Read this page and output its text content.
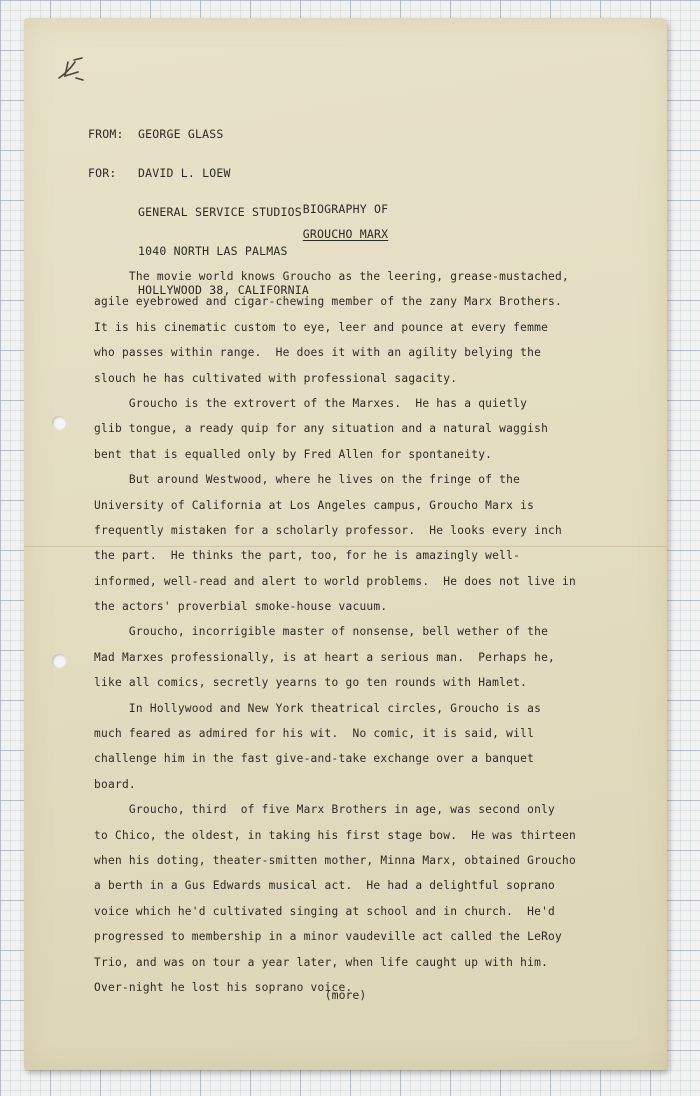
FROM:	GEORGE GLASS

FOR:	DAVID L. LOEW

GENERAL SERVICE STUDIOS

1040 NORTH LAS PALMAS

HOLLYWOOD 38, CALIFORNIA

BIOGRAPHY OF
GROUCHO MARX
The movie world knows Groucho as the leering, grease-mustached,
agile eyebrowed and cigar-chewing member of the zany Marx Brothers.
It is his cinematic custom to eye, leer and pounce at every femme
who passes within range.  He does it with an agility belying the
slouch he has cultivated with professional sagacity.
Groucho is the extrovert of the Marxes.  He has a quietly
glib tongue, a ready quip for any situation and a natural waggish
bent that is equalled only by Fred Allen for spontaneity.
But around Westwood, where he lives on the fringe of the
University of California at Los Angeles campus, Groucho Marx is
frequently mistaken for a scholarly professor.  He looks every inch
the part.  He thinks the part, too, for he is amazingly well-
informed, well-read and alert to world problems.  He does not live in
the actors' proverbial smoke-house vacuum.
Groucho, incorrigible master of nonsense, bell wether of the
Mad Marxes professionally, is at heart a serious man.  Perhaps he,
like all comics, secretly yearns to go ten rounds with Hamlet.
In Hollywood and New York theatrical circles, Groucho is as
much feared as admired for his wit.  No comic, it is said, will
challenge him in the fast give-and-take exchange over a banquet
board.
Groucho, third  of five Marx Brothers in age, was second only
to Chico, the oldest, in taking his first stage bow.  He was thirteen
when his doting, theater-smitten mother, Minna Marx, obtained Groucho
a berth in a Gus Edwards musical act.  He had a delightful soprano
voice which he'd cultivated singing at school and in church.  He'd
progressed to membership in a minor vaudeville act called the LeRoy
Trio, and was on tour a year later, when life caught up with him.
Over-night he lost his soprano voice.
(more)
